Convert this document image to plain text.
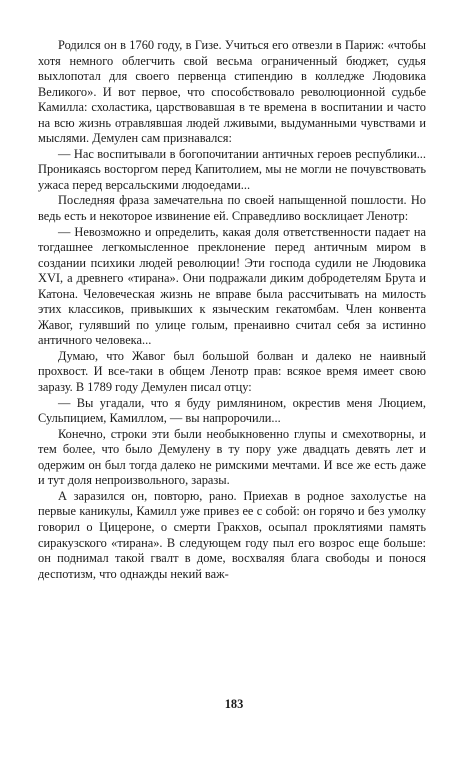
Родился он в 1760 году, в Гизе. Учиться его отвезли в Париж: «чтобы хотя немного облегчить свой весьма ограниченный бюджет, судья выхлопотал для своего первенца стипендию в колледже Людовика Великого». И вот первое, что способствовало революционной судьбе Камилла: схоластика, царствовавшая в те времена в воспитании и часто на всю жизнь отравлявшая людей лживыми, выдуманными чувствами и мыслями. Демулен сам признавался:

— Нас воспитывали в богопочитании античных героев республики... Проникаясь восторгом перед Капитолием, мы не могли не почувствовать ужаса перед версальскими людоедами...

Последняя фраза замечательна по своей напыщенной пошлости. Но ведь есть и некоторое извинение ей. Справедливо восклицает Ленотр:

— Невозможно и определить, какая доля ответственности падает на тогдашнее легкомысленное преклонение перед античным миром в создании психики людей революции! Эти господа судили не Людовика XVI, а древнего «тирана». Они подражали диким добродетелям Брута и Катона. Человеческая жизнь не вправе была рассчитывать на милость этих классиков, привыкших к языческим гекатомбам. Член конвента Жавог, гулявший по улице голым, пренаивно считал себя за истинно античного человека...

Думаю, что Жавог был большой болван и далеко не наивный прохвост. И все-таки в общем Ленотр прав: всякое время имеет свою заразу. В 1789 году Демулен писал отцу:

— Вы угадали, что я буду римлянином, окрестив меня Люцием, Сульпицием, Камиллом, — вы напророчили...

Конечно, строки эти были необыкновенно глупы и смехотворны, и тем более, что было Демулену в ту пору уже двадцать девять лет и одержим он был тогда далеко не римскими мечтами. И все же есть даже и тут доля непроизвольного, заразы.

А заразился он, повторю, рано. Приехав в родное захолустье на первые каникулы, Камилл уже привез ее с собой: он горячо и без умолку говорил о Цицероне, о смерти Гракхов, осыпал проклятиями память сиракузского «тирана». В следующем году пыл его возрос еще больше: он поднимал такой гвалт в доме, восхваляя блага свободы и понося деспотизм, что однажды некий важ-

183
